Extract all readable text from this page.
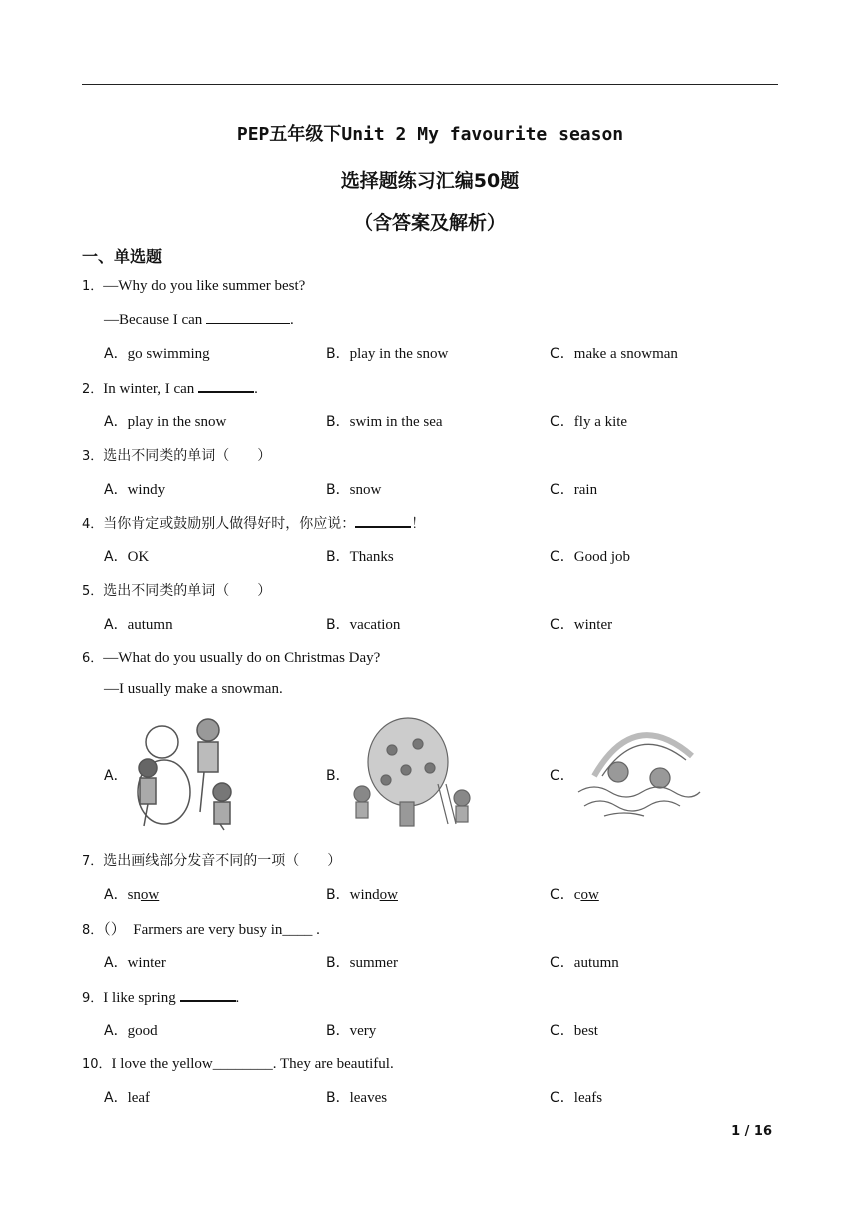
PEP五年级下Unit 2 My favourite season
选择题练习汇编50题
（含答案及解析）
一、单选题
1．—Why do you like summer best?
—Because I can	.
A．go swimming	B．play in the snow	C．make a snowman
2．In winter, I can	.
A．play in the snow	B．swim in the sea	C．fly a kite
3．选出不同类的单词（　　）
A．windy	B．snow	C．rain
4．当你肯定或鼓励别人做得好时，你应说：	！
A．OK	B．Thanks	C．Good job
5．选出不同类的单词（　　）
A．autumn	B．vacation	C．winter
6．—What do you usually do on Christmas Day?
—I usually make a snowman.
A．	B．	C．
7．选出画线部分发音不同的一项（　　）
A．snow	B．window	C．cow
8．（）　Farmers are very busy in____ .
A．winter	B．summer	C．autumn
9．I like spring	.
A．good	B．very	C．best
10．I love the yellow________. They are beautiful.
A．leaf	B．leaves	C．leafs
1 / 16
